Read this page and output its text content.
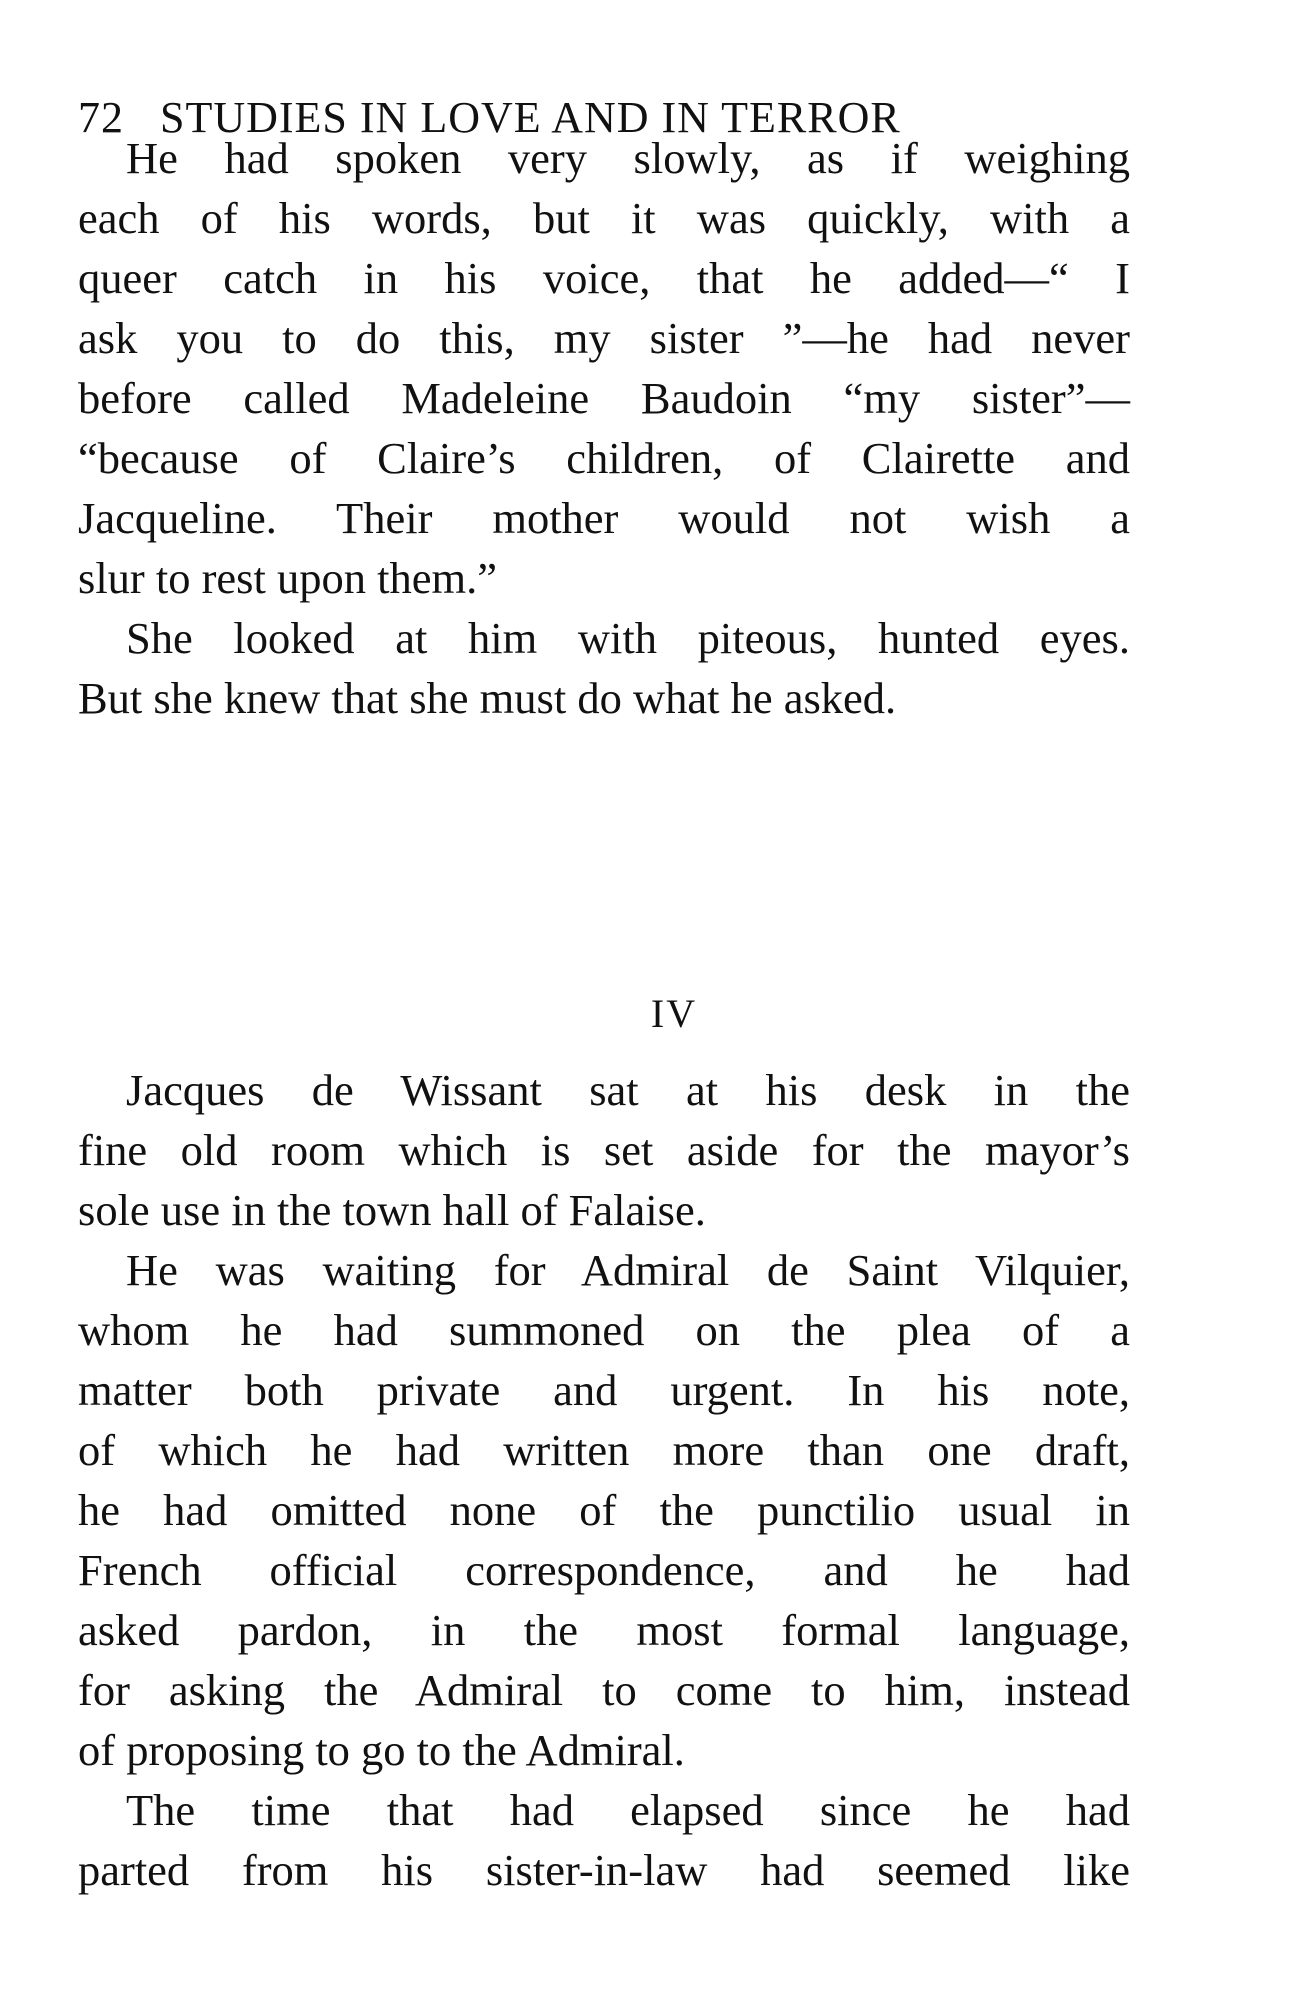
72 STUDIES IN LOVE AND IN TERROR
He had spoken very slowly, as if weighing
each of his words, but it was quickly, with a
queer catch in his voice, that he added—“ I
ask you to do this, my sister ”—he had never
before called Madeleine Baudoin “my sister”—
“because of Claire’s children, of Clairette and
Jacqueline. Their mother would not wish a
slur to rest upon them.”
She looked at him with piteous, hunted eyes.
But she knew that she must do what he asked.
IV
Jacques de Wissant sat at his desk in the
fine old room which is set aside for the mayor’s
sole use in the town hall of Falaise.
He was waiting for Admiral de Saint Vilquier,
whom he had summoned on the plea of a
matter both private and urgent. In his note,
of which he had written more than one draft,
he had omitted none of the punctilio usual in
French official correspondence, and he had
asked pardon, in the most formal language,
for asking the Admiral to come to him, instead
of proposing to go to the Admiral.
The time that had elapsed since he had
parted from his sister-in-law had seemed like
